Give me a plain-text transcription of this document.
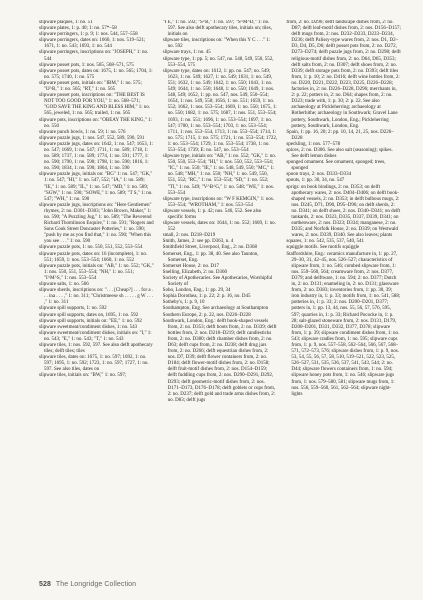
slipware plaques, 1: no. 51

slipware plates, 1: p. 40; 1: no. 57*–58

slipware porringers, 1: p. 9; 1: nos. 544, 557–558

slipware porringers, dates on: 1660, 1: nos. 519–521; 1671, 1: no. 543; 1693, 1: no. 544

slipware porringers, inscriptions on: "JOSEPH," 1: no. 544

slipware posset pots, 1: nos. 565, 568–571, 575

slipware posset pots, dates on: 1675, 1: no. 565; 1704, 1: no. 575; 1740, 1: no. 575

slipware posset pots, initials on: "IBM," 1: no. 575; "IJ^B," 1: no. 565; "RT," 1: no. 565

slipware posset pots, inscriptions on: "THE BEST IS NOT TOO GOOD FOR YOU," 1: no. 568–571; "GOD SAVE THE KING AND BLESS HIM," 1: no. 565, jeweled, 1: no. 565; trailed, 1: no. 565

slipware pots, inscriptions on: "OBEAY THE KING," 1: no. 550

slipware punch bowls, 1: no. 59; 1: no. 576

slipware puzzle jugs, 1: nos. 547, 552, 589, 590, 591

slipware puzzle jugs, dates on: 1642, 1: no. 547; 1653, 1: no. 547; 1669, 1: no. 547; 1711, 1: no. 589; 1718, 1: no. 589; 1737, 1: no. 589; 1774, 1: no. 591; 1777, 1: no. 590; 1790, 1: no. 590; 1798, 1: no. 590; 1816, 1: no. 590; 1834, 1: no. 590; 1864, 1: no. 590

slipware puzzle jugs, initials on: "BG" 1: no. 547; "GK," 1: no. 547; "HI," 1: no. 547, 552; "IA," 1: no. 589; "IE," 1: no. 589; "IL," 1: no. 547; "MD," 1: no. 589; "SGW," 1: no. 590; "SOWE," 1: no. 589; "T S," 1: no. 547; "WH," 1: no. 590

slipware puzzle jugs, inscriptions on: "Here Gentlemen" rhymes, 2: no. D301–D303; "John Brown, Maker," 1: no. 590; "A Puzzling Jug," 1: no. 589; "The Reverend Richard Thomlinson Esquire," 1: no. 591; "Rogers and Sons Cook Street Doncaster Potteries," 1: no. 590; "push by me as you find that," 1: no. 590; "When this you see . . ." 1: no. 590

slipware puzzle pots, 1: no. 550, 551, 552, 553–554

slipware puzzle pots, dates on: 16 (incomplete), 1: no. 551; 1659, 1: nos. 553–554; 1660, 1: no. 552

slipware puzzle pots, initials on: "AB," 1: no. 552; "GK," 1: nos. 550, 551, 553–554; "NH," 1: no. 551; "I^M^S," 1: nos. 553–554

slipware salts, 1: no. 566

slipware sherds, inscriptions on: ". . . [Cheap?] . . . for a . . . ina . . . ," 1: no. 311; "Christmeese sh . . . . . g W . . . ," 1: no. 311

slipware spill supports, 1: no. 592

slipware spill supports, dates on, 1695, 1: no. 592

slipware spill supports, initials on: "EE," 1: no. 592

slipware sweetmeat/condiment dishes, 1: no. 543

slipware sweetmeat/condiment dishes, initials on: "I," 1: no. 543; "E," 1: no. 543; "T," 1: no. 543

slipware tiles, 1: nos. 592, 597. See also delft apothecary tiles; delft tiles; tiles

slipware tiles, dates on: 1675, 1: no. 597; 1692, 1: no. 597; 1695, 1: no. 592; 1723, 1: no. 597; 1727, 1: no. 597. See also tiles, dates on

slipware tiles, initials on: "BW," 1: no. 597;

"I E," 1: no. 592; "S^B," 1: no. 597; "S^M^D," 1: no. 597. See also delft apothecary tiles, initials on; tiles, initials on

slipware tiles, inscriptions on: "When this Y C . . ." 1: no. 592

slipware trays, 1: no. 45

slipware type, 1: pp. 5; no. 547, no. 548, 549, 550, 552, 553–554, 575

slipware type, dates on: 1612, 1: pp. no. 547; no. 549; 1623, 1: no. 549; 1627, 1: no. 549; 1631, 1: no. 549, 551; 1632, 1: no. 549; 1642, 1: no. 550; 1643, 1: no. 549; 1644, 1: no. 550; 1648, 1: no. 550; 1649, 1: nos. 548, 549; 1652, 1: pp. no. 547, nos. 549, 550–554; 1654, 1: nos. 549, 550; 1656, 1: no. 551; 1659, 1: no. 552; 1662, 1: nos. 553–554; 1669, 1: no. 550; 1675, 1: no. 550; 1682, 1: no. 575; 1687, 1: nos. 551, 553–554; 1693, 1: no. 551; 1696, 1: no. 553–554; 1697, 1: no. 547; 1700, 1: no. 553–554; 1703, 1: no. 553–554; 1711, 1: nos. 553–554, 1713, 1: no. 553–554; 1714, 1: no. 575; 1715, 1: no. 575; 1721, 1: no. 553–554; 1722, 1: no. 553–554; 1729, 1: no. 553–554; 1738, 1: no. 553–554; 1739; E: no. 547, no. 553–554

slipware type, initials on: "AB," 1: no. 552; "GK," 1: no. 550, 550, 553–554; "HI," 1: nos. 550, 552, 553–554; "IC," 1: no. 550; "IE," 1: no. 548, 549, 550; "MC," 1: no. 548; "MH," 1: no. 550; "NH," 1: no. 549, 550, 551, 552; "RC," 1: no. 553–554; "SD," 1: no. 552; "TI," 1: no. 549; "V^B^G," 1: no. 548; "WE," 1: nos. 553–554

slipware type, inscriptions on: "W F KEMGIN," 1: nos. 553–554; "WROTHAM," 1: nos. 553–554

slipware vessels, 1: p. 42; nos. 546, 552. See also specific forms

slipware vessels, dates on: 1644, 1: no. 552; 1669, 1: no. 552

small, 2: nos. D218–D219

Smith, James, 2: see pp. D363, n. 4

Smithfield Street, Liverpool, Eng., 2: no. D368

Somerset, Eng., 1: pp. 38, 40. See also Taunton, Somerset, Eng.

Somerset House, 2: no. D17

Snelling, Elizabeth, 2: no. D360

Society of Apothecaries. See Apothecaries, Worshipful Society of

Soho, London, Eng., 1: pp. 29, 34

Sophia Dorothea, 1: p. 22; 2: p. 16, no. D45

Sotheby's, 1: p. 9, 10

Southampton, Eng. See archaeology at Southampton

Southern Europe, 2: p. 22, nos. D226–D228

Southwark, London, Eng.: delft book-shaped vessels from, 2: no. D353; delft boots from, 2: no. D339; delft bottles from, 2: nos. D218–D219; delft candlesticks from, 2: no. D380; delft chamber dishes from, 2: no. D63; delft cups from, 2: no. D238; delft drug jars from, 2: no. D266; delft equestrian dishes from, 2: nos. D7, D39; delft flower containers from, 2: no. D184; delft flower-motif dishes from, 2: no. D158; delft fruit-motif dishes from, 2: nos. D154–D159; delft fuddling cups from, 2: nos. D290–D291, D292, D293; delft geometric-motif dishes from, 2: nos. D171–D173, D176–D178; delft goblets or cups from, 2: no. D237; delft gold and trade arms dishes from, 2: no. D83; delft jugs

from, 2: no. D296; delft landscape dishes from, 2: no. D87; delft leaf-motif dishes from, 2: nos. D156–D157; delft mugs from, 2: nos. D232–D233, D233–D234, D236; delft Palissy-type wares from, 2: nos. D1, D2–D3, D4, D5, D6; delft posset pots from, 2: no. D272, D273–D274; delft puzzle jugs from, 2: no. D298; delft religious-motif dishes from, 2: no. D64, D65, D353; delft salts from, 2: no. D307; delft shoes from, 2: no. D339; delft storage pots from, 2: no. D393; delft tiles from, 1: p. 10; 2: no. D416; delft wine bottles from, 2: no. D220, D221, D222, D223, D225, D226–D228; factories in, 2: no. D226–D228, D296; merchants in, 2: p. 22; potters in, 2: no. D64; shapes from, 2: no. D323; trade with, 1: p. 30; 2: p. 22. See also archaeology at Pickleherring; archaeology at Rotherhithe; archaeology in Southwark; Gravel Lane pottery, Southwark, London, Eng.; Pickleherring pottery, Southwark, London, Eng.

Spain, 1: pp. 16, 20; 2: pp. 10, 14, 21, 25, nos. D226–D228

speckling, 1: nos. 577–578

spices, 2: no. D306. See also salt (seasoning); spikes. See delft lemon dishes

sponged ornament. See ornament, sponged; trees, sponged

spoon trays, 2: nos. D333–D334

spouts, 1: pp. 30, 34, no. 547

sprigs: on book bindings, 2: no. D353; on delft apothecary wares, 2: nos. D404–D406; on delft book-shaped vessels, 2: no. D353; in delft bulbous mugs, 2: nos. D245, D71, D90, D95–D96; on delft sherds, 2: no. D341; on delft shoes, 2: nos. D340–D341; on delft tankards, 2: nos. D323, D335, D337, D339, D341; on earthenware, 2: nos. D323; D334; manganese, 2: no. D335; and Norfolk House, 2: no. D339; on Westwald wares, 2: nos. D339, D340. See also leaves; plants

squares, 1: no. 542, 535, 537, 540, 541

squiggle motifs. See motifs squiggle

Staffordshire, Eng.: ceramics manufacture in, 1: pp. 27, 29–30, 31, 42–45, nos. 526–527; characteristics of slipware from, 1: no. 546; combed slipware from, 1: nos. 559–560, 564; creamware from, 2: nos. D377, D379; and delftware, 1: no. 594; 2: no. D377; Dutch in, 2: no. D131; enameling in, 2: no. D131; glassware from, 2: no. D383; inventories from, 1: pp. 30, 39; iron industry in, 1: p. 33; motifs from, 1: no. 541, 588; potteries in, 1: p. 33; 2: nos. D200–D201, D377; potters in, 1: pp. 13, 44, nos. 55, 56, 57, 576, 595, 597; quarries in, 1: p. 33; Richard Pococke in, 1: p. 28; salt-glazed stoneware from, 2: nos. D131, D179, D200–D201, D331, D332, D377, D378; slipware from, 1: p. 39; slipware condiment dishes from, 1: no. 543; slipware cradles from, 1: no. 595; slipware cups from, 1: p. 9, nos. 557–558, 562–564, 566, 567, 568–571, 572–573, 576; slipware dishes from, 1: p. 9, nos. 53, 54, 55, 56, 57, 58, 510, 519–521, 522, 523, 525, 526–527, 531, 535, 536, 537, 541, 543, 544; 2: no. D44; slipware flowers containers from, 1: no. 594; slipware honey pots from, 1: no. 546; slipware jugs from, 1: nos. 579–580, 581; slipware mugs from, 1: nos. 556, 559–560, 561, 562–564; slipware night-lights

528 The Longridge Collection
